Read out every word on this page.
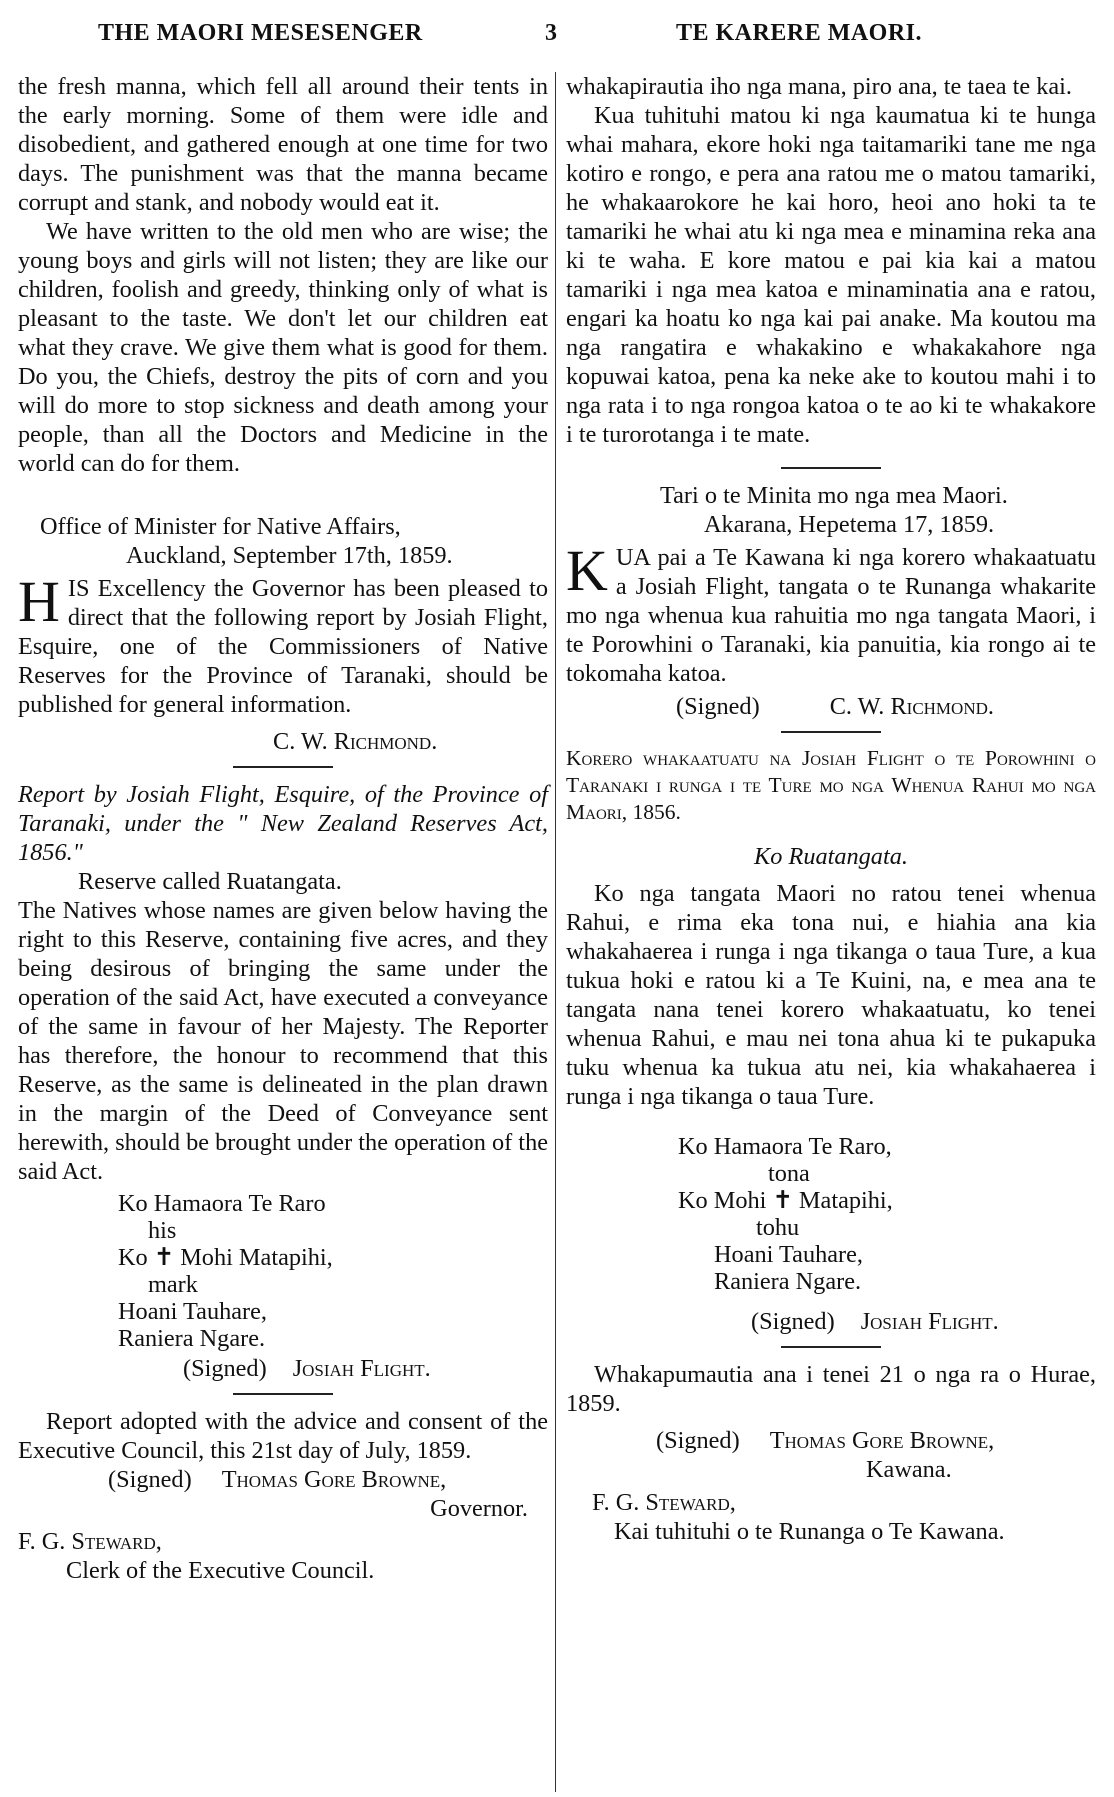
THE MAORI MESESENGER	3	TE KARERE MAORI.

the fresh manna, which fell all around their tents in the early morning. Some of them were idle and disobedient, and gathered enough at one time for two days. The punishment was that the manna became corrupt and stank, and nobody would eat it.

We have written to the old men who are wise; the young boys and girls will not listen; they are like our children, foolish and greedy, thinking only of what is pleasant to the taste. We don't let our children eat what they crave. We give them what is good for them. Do you, the Chiefs, destroy the pits of corn and you will do more to stop sickness and death among your people, than all the Doctors and Medicine in the world can do for them.

Office of Minister for Native Affairs,

Auckland, September 17th, 1859.

H IS Excellency the Governor has been pleased to direct that the following report by Josiah Flight, Esquire, one of the Commissioners of Native Reserves for the Province of Taranaki, should be published for general information.

C. W. Richmond.

Report by Josiah Flight, Esquire, of the Province of Taranaki, under the " New Zealand Reserves Act, 1856."

Reserve called Ruatangata.

The Natives whose names are given below having the right to this Reserve, containing five acres, and they being desirous of bringing the same under the operation of the said Act, have executed a conveyance of the same in favour of her Majesty. The Reporter has therefore, the honour to recommend that this Reserve, as the same is delineated in the plan drawn in the margin of the Deed of Conveyance sent herewith, should be brought under the operation of the said Act.

Ko Hamaora Te Raro
his
Ko ✝ Mohi Matapihi,
mark
Hoani Tauhare,
Raniera Ngare.
(Signed) Josiah Flight.

Report adopted with the advice and consent of the Executive Council, this 21st day of July, 1859.

(Signed) Thomas Gore Browne,

Governor.

F. G. Steward,

Clerk of the Executive Council.

whakapirautia iho nga mana, piro ana, te taea te kai.

Kua tuhituhi matou ki nga kaumatua ki te hunga whai mahara, ekore hoki nga taitamariki tane me nga kotiro e rongo, e pera ana ratou me o matou tamariki, he whakaarokore he kai horo, heoi ano hoki ta te tamariki he whai atu ki nga mea e minamina reka ana ki te waha. E kore matou e pai kia kai a matou tamariki i nga mea katoa e minaminatia ana e ratou, engari ka hoatu ko nga kai pai anake. Ma koutou ma nga rangatira e whakakino e whakakahore nga kopuwai katoa, pena ka neke ake to koutou mahi i to nga rata i to nga rongoa katoa o te ao ki te whakakore i te turorotanga i te mate.

Tari o te Minita mo nga mea Maori.

Akarana, Hepetema 17, 1859.

K UA pai a Te Kawana ki nga korero whakaatuatu a Josiah Flight, tangata o te Runanga whakarite mo nga whenua kua rahuitia mo nga tangata Maori, i te Porowhini o Taranaki, kia panuitia, kia rongo ai te tokomaha katoa.

(Signed)	C. W. Richmond.

Korero whakaatuatu na Josiah Flight o te Porowhini o Taranaki i runga i te Ture mo nga Whenua Rahui mo nga Maori, 1856.

Ko Ruatangata.

Ko nga tangata Maori no ratou tenei whenua Rahui, e rima eka tona nui, e hiahia ana kia whakahaerea i runga i nga tikanga o taua Ture, a kua tukua hoki e ratou ki a Te Kuini, na, e mea ana te tangata nana tenei korero whakaatuatu, ko tenei whenua Rahui, e mau nei tona ahua ki te pukapuka tuku whenua ka tukua atu nei, kia whakahaerea i runga i nga tikanga o taua Ture.

Ko Hamaora Te Raro,
tona
Ko Mohi ✝ Matapihi,
tohu
Hoani Tauhare,
Raniera Ngare.
(Signed) Josiah Flight.

Whakapumautia ana i tenei 21 o nga ra o Hurae, 1859.

(Signed) Thomas Gore Browne,

Kawana.

F. G. Steward,

Kai tuhituhi o te Runanga o Te Kawana.
